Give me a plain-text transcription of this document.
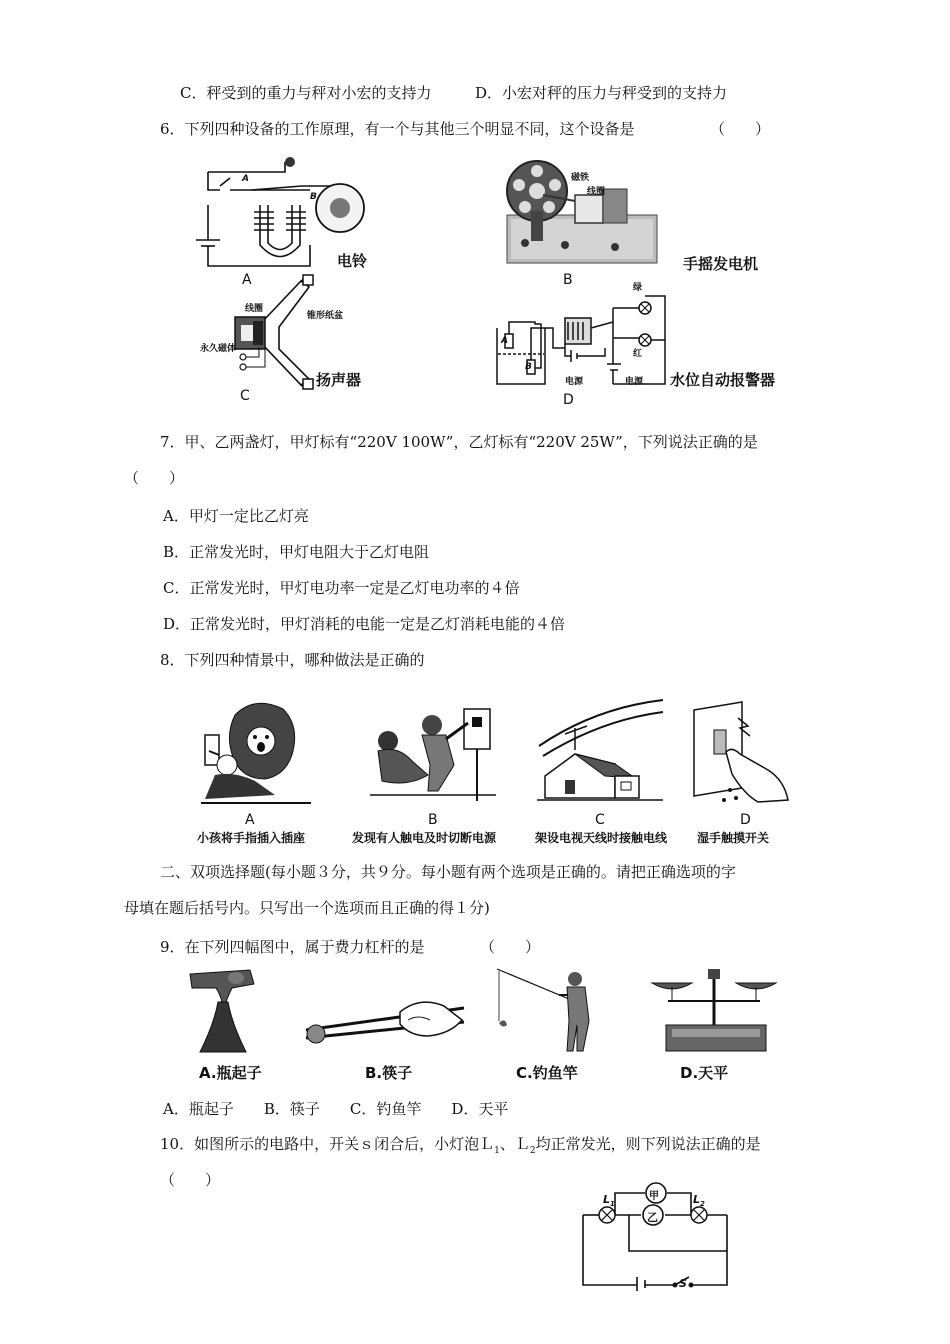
C．秤受到的重力与秤对小宏的支持力	D．小宏对秤的压力与秤受到的支持力
6．下列四种设备的工作原理，有一个与其他三个明显不同，这个设备是	（　　）
A
B
A
电铃
磁铁
线圈
B
手摇发电机
线圈
锥形纸盆
永久磁体
C
扬声器
A
B
绿
红
电源	电源
D
水位自动报警器
7．甲、乙两盏灯，甲灯标有“220V 100W”，乙灯标有“220V 25W”，下列说法正确的是
（　　）
A．甲灯一定比乙灯亮
B．正常发光时，甲灯电阻大于乙灯电阻
C．正常发光时，甲灯电功率一定是乙灯电功率的４倍
D．正常发光时，甲灯消耗的电能一定是乙灯消耗电能的４倍
8．下列四种情景中，哪种做法是正确的
A
小孩将手指插入插座
B
发现有人触电及时切断电源
C
架设电视天线时接触电线
D
湿手触摸开关
二、双项选择题(每小题３分，共９分。每小题有两个选项是正确的。请把正确选项的字
母填在题后括号内。只写出一个选项而且正确的得１分)
9．在下列四幅图中，属于费力杠杆的是	（　　）
A.瓶起子	B.筷子	C.钓鱼竿	D.天平
A．瓶起子　　B．筷子　　C．钓鱼竿　　D．天平
10．如图所示的电路中，开关ｓ闭合后，小灯泡Ｌ$_1$、Ｌ$_2$均正常发光，则下列说法正确的是
（　　）
甲
乙
$L_1$	$L_2$
S
